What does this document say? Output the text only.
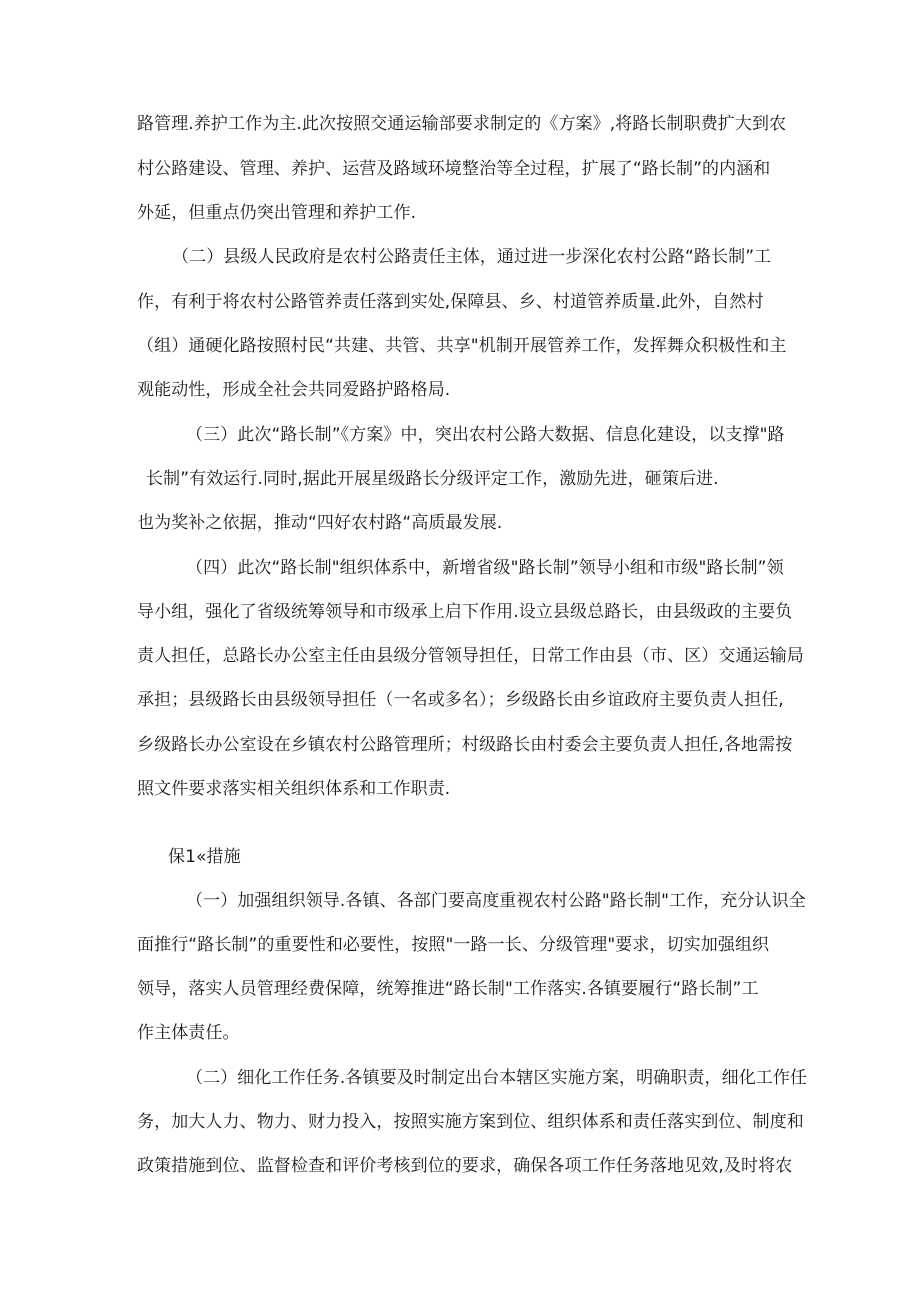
路管理.养护工作为主.此次按照交通运输部要求制定的《方案》,将路长制职费扩大到农
村公路建设、管理、养护、运营及路域环境整治等全过程，扩展了“路长制”的内涵和
外延，但重点仍突出管理和养护工作.
（二）县级人民政府是农村公路责任主体，通过进一步深化农村公路“路长制”工
作，有利于将农村公路管养责任落到实处,保障县、乡、村道管养质量.此外，自然村
（组）通硬化路按照村民“共建、共管、共享"机制开展管养工作，发挥舞众积极性和主
观能动性，形成全社会共同爱路护路格局.
（三）此次“路长制”《方案》中，突出农村公路大数据、信息化建设，以支撑"路
长制”有效运行.同时,据此开展星级路长分级评定工作，激励先进，砸策后进.
也为奖补之依据，推动“四好农村路“高质最发展.
（四）此次“路长制"组织体系中，新增省级"路长制”领导小组和市级"路长制”领
导小组，强化了省级统筹领导和市级承上启下作用.设立县级总路长，由县级政的主要负
责人担任，总路长办公室主任由县级分管领导担任，日常工作由县（市、区）交通运输局
承担；县级路长由县级领导担任（一名或多名）；乡级路长由乡谊政府主要负责人担任,
乡级路长办公室设在乡镇农村公路管理所；村级路长由村委会主要负责人担任,各地需按
照文件要求落实相关组织体系和工作职责.
保1«措施
（一）加强组织领导.各镇、各部门要高度重视农村公路"路长制"工作，充分认识全
面推行“路长制”的重要性和必要性，按照"一路一长、分级管理"要求，切实加强组织
领导，落实人员管理经费保障，统筹推进“路长制"工作落实.各镇要履行“路长制”工
作主体责任。
（二）细化工作任务.各镇要及时制定出台本辖区实施方案，明确职责，细化工作任
务，加大人力、物力、财力投入，按照实施方案到位、组织体系和责任落实到位、制度和
政策措施到位、监督检查和评价考核到位的要求，确保各项工作任务落地见效,及时将农
